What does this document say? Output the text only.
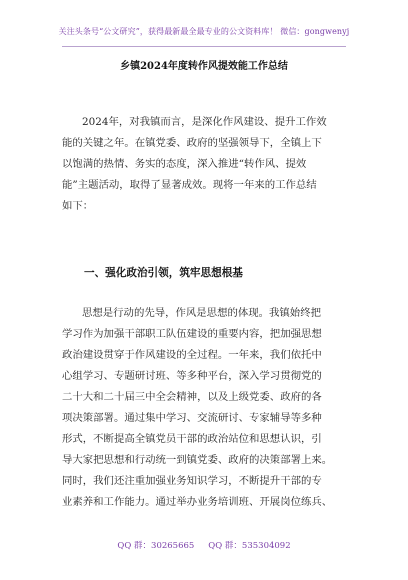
关注头条号“公文研究”，获得最新最全最专业的公文资料库！ 微信：gongwenyj
乡镇2024年度转作风提效能工作总结
2024年，对我镇而言，是深化作风建设、提升工作效
能的关键之年。在镇党委、政府的坚强领导下，全镇上下
以饱满的热情、务实的态度，深入推进“转作风、提效
能”主题活动，取得了显著成效。现将一年来的工作总结
如下：
一、强化政治引领，筑牢思想根基
思想是行动的先导，作风是思想的体现。我镇始终把
学习作为加强干部职工队伍建设的重要内容，把加强思想
政治建设贯穿于作风建设的全过程。一年来，我们依托中
心组学习、专题研讨班、等多种平台，深入学习贯彻党的
二十大和二十届三中全会精神，以及上级党委、政府的各
项决策部署。通过集中学习、交流研讨、专家辅导等多种
形式，不断提高全镇党员干部的政治站位和思想认识，引
导大家把思想和行动统一到镇党委、政府的决策部署上来。
同时，我们还注重加强业务知识学习，不断提升干部的专
业素养和工作能力。通过举办业务培训班、开展岗位练兵、
QQ 群：30265665 QQ 群：535304092
